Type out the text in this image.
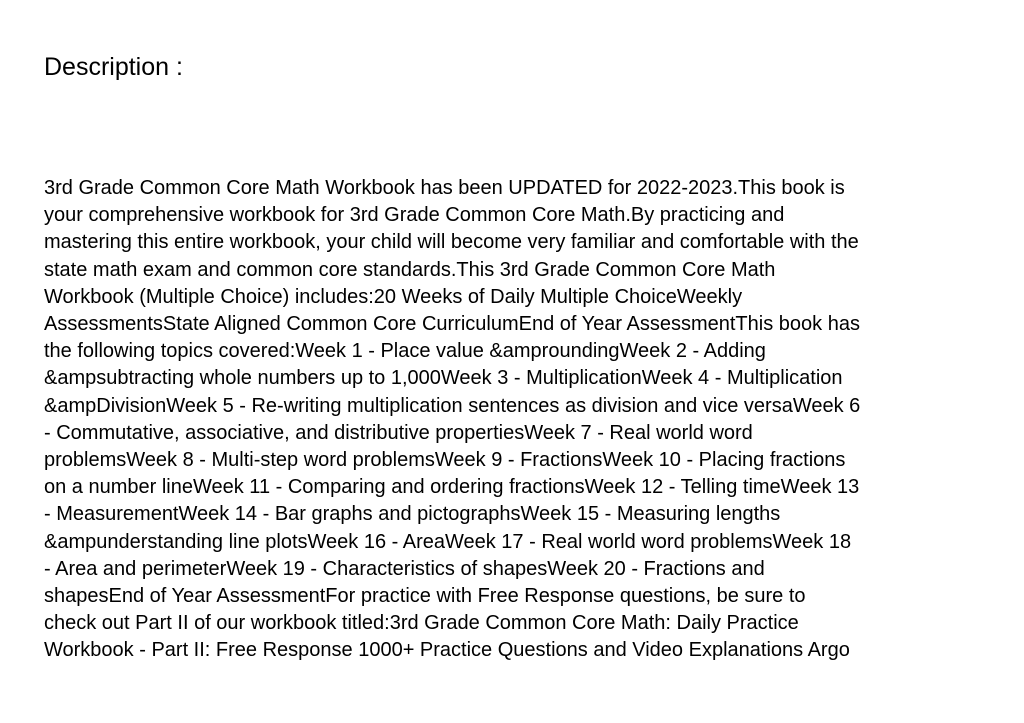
Description :
3rd Grade Common Core Math Workbook has been UPDATED for 2022-2023.This book is
your comprehensive workbook for 3rd Grade Common Core Math.By practicing and
mastering this entire workbook, your child will become very familiar and comfortable with the
state math exam and common core standards.This 3rd Grade Common Core Math
Workbook (Multiple Choice) includes:20 Weeks of Daily Multiple ChoiceWeekly
AssessmentsState Aligned Common Core CurriculumEnd of Year AssessmentThis book has
the following topics covered:Week 1 - Place value &amproundingWeek 2 - Adding
&ampsubtracting whole numbers up to 1,000Week 3 - MultiplicationWeek 4 - Multiplication
&ampDivisionWeek 5 - Re-writing multiplication sentences as division and vice versaWeek 6
- Commutative, associative, and distributive propertiesWeek 7 - Real world word
problemsWeek 8 - Multi-step word problemsWeek 9 - FractionsWeek 10 - Placing fractions
on a number lineWeek 11 - Comparing and ordering fractionsWeek 12 - Telling timeWeek 13
- MeasurementWeek 14 - Bar graphs and pictographsWeek 15 - Measuring lengths
&ampunderstanding line plotsWeek 16 - AreaWeek 17 - Real world word problemsWeek 18
- Area and perimeterWeek 19 - Characteristics of shapesWeek 20 - Fractions and
shapesEnd of Year AssessmentFor practice with Free Response questions, be sure to
check out Part II of our workbook titled:3rd Grade Common Core Math: Daily Practice
Workbook - Part II: Free Response 1000+ Practice Questions and Video Explanations Argo
